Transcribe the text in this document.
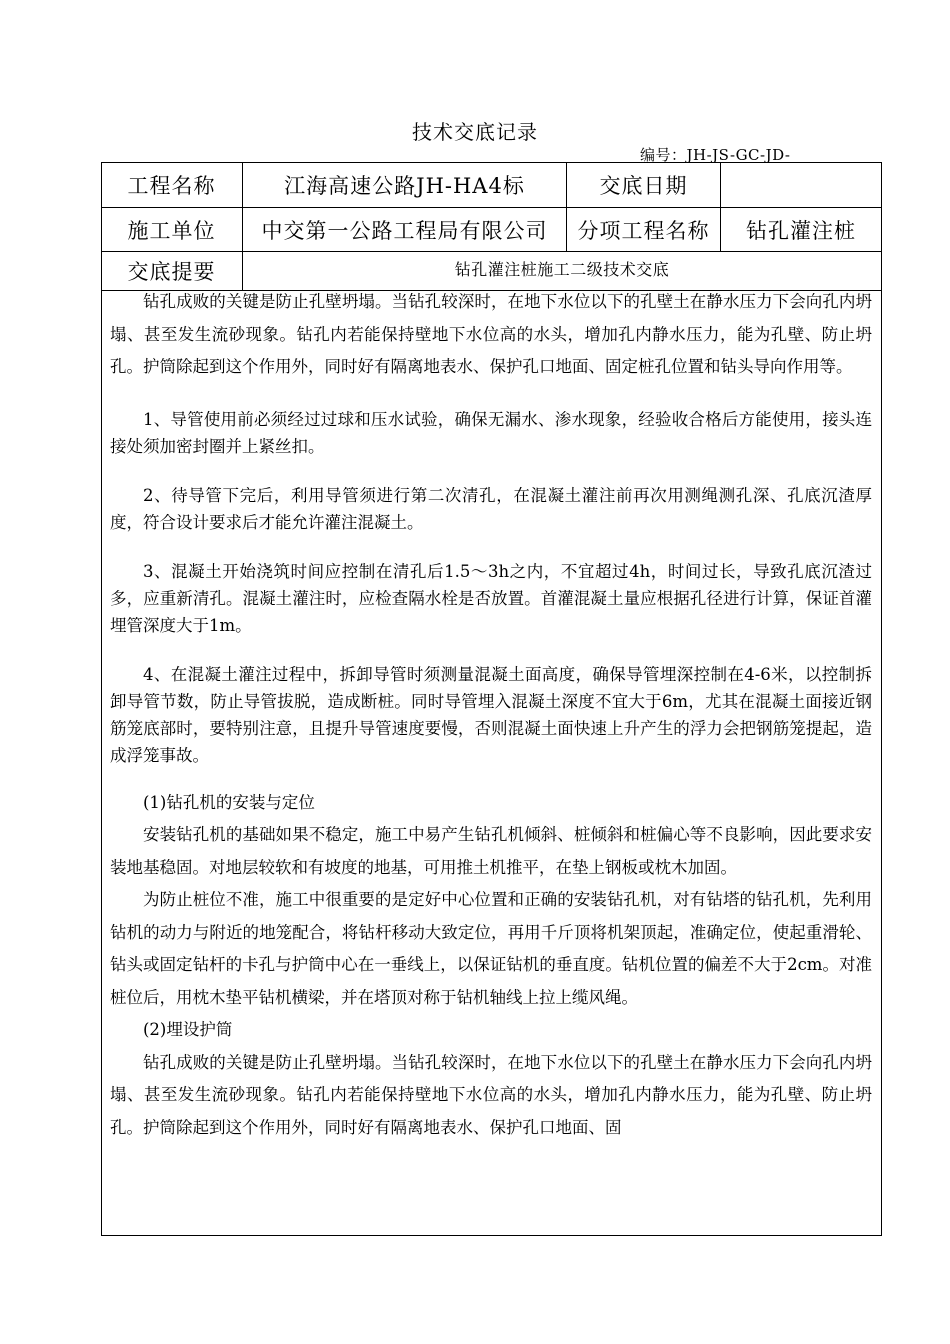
技术交底记录
编号：JH-JS-GC-JD-
工程名称	江海高速公路JH-HA4标	交底日期
施工单位	中交第一公路工程局有限公司	分项工程名称	钻孔灌注桩
交底提要	钻孔灌注桩施工二级技术交底

钻孔成败的关键是防止孔壁坍塌。当钻孔较深时，在地下水位以下的孔壁土在静水压力下会向孔内坍塌、甚至发生流砂现象。钻孔内若能保持壁地下水位高的水头，增加孔内静水压力，能为孔壁、防止坍孔。护筒除起到这个作用外，同时好有隔离地表水、保护孔口地面、固定桩孔位置和钻头导向作用等。

1、导管使用前必须经过过球和压水试验，确保无漏水、渗水现象，经验收合格后方能使用，接头连接处须加密封圈并上紧丝扣。

2、待导管下完后，利用导管须进行第二次清孔，在混凝土灌注前再次用测绳测孔深、孔底沉渣厚度，符合设计要求后才能允许灌注混凝土。

3、混凝土开始浇筑时间应控制在清孔后1.5～3h之内，不宜超过4h，时间过长，导致孔底沉渣过多，应重新清孔。混凝土灌注时，应检查隔水栓是否放置。首灌混凝土量应根据孔径进行计算，保证首灌埋管深度大于1m。

4、在混凝土灌注过程中，拆卸导管时须测量混凝土面高度，确保导管埋深控制在4-6米，以控制拆卸导管节数，防止导管拔脱，造成断桩。同时导管埋入混凝土深度不宜大于6m，尤其在混凝土面接近钢筋笼底部时，要特别注意，且提升导管速度要慢，否则混凝土面快速上升产生的浮力会把钢筋笼提起，造成浮笼事故。

(1)钻孔机的安装与定位

安装钻孔机的基础如果不稳定，施工中易产生钻孔机倾斜、桩倾斜和桩偏心等不良影响，因此要求安装地基稳固。对地层较软和有坡度的地基，可用推土机推平，在垫上钢板或枕木加固。

为防止桩位不准，施工中很重要的是定好中心位置和正确的安装钻孔机，对有钻塔的钻孔机，先利用钻机的动力与附近的地笼配合，将钻杆移动大致定位，再用千斤顶将机架顶起，准确定位，使起重滑轮、钻头或固定钻杆的卡孔与护筒中心在一垂线上，以保证钻机的垂直度。钻机位置的偏差不大于2cm。对准桩位后，用枕木垫平钻机横梁，并在塔顶对称于钻机轴线上拉上缆风绳。

(2)埋设护筒

钻孔成败的关键是防止孔壁坍塌。当钻孔较深时，在地下水位以下的孔壁土在静水压力下会向孔内坍塌、甚至发生流砂现象。钻孔内若能保持壁地下水位高的水头，增加孔内静水压力，能为孔壁、防止坍孔。护筒除起到这个作用外，同时好有隔离地表水、保护孔口地面、固
